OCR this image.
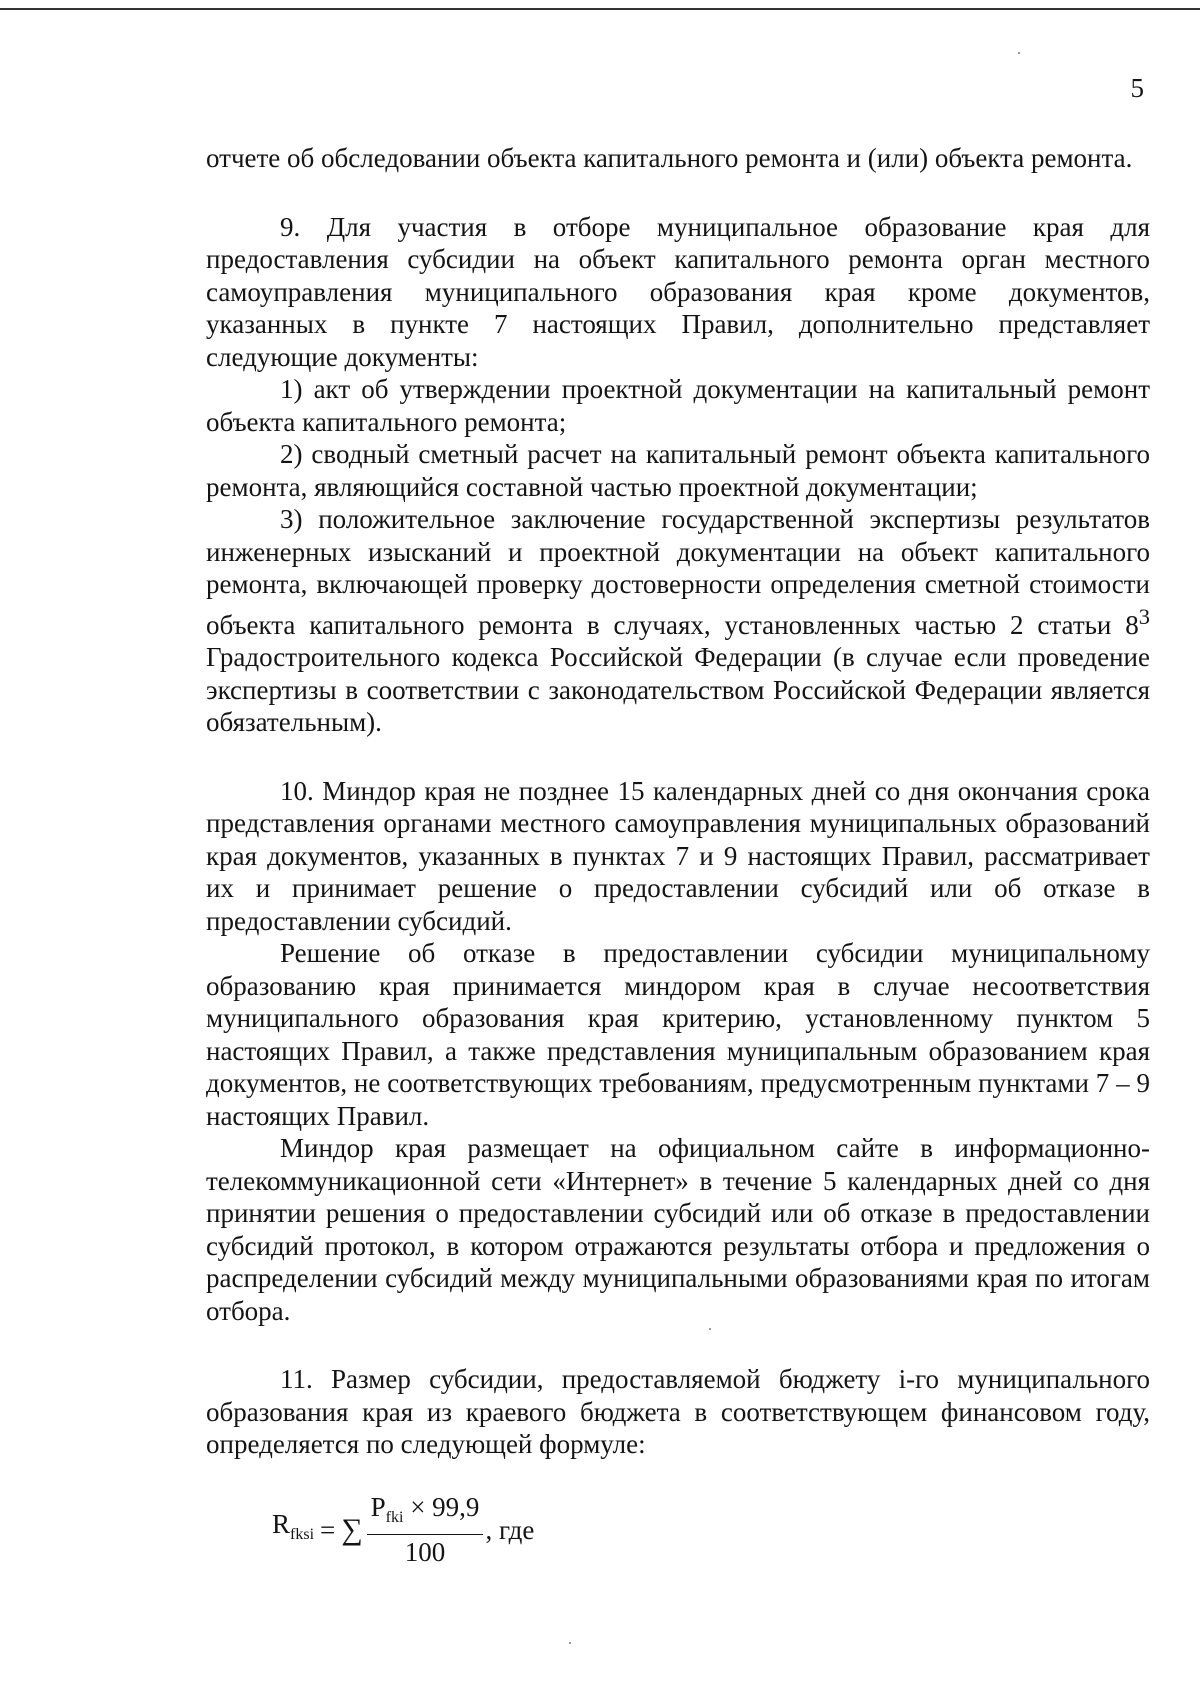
5

отчете об обследовании объекта капитального ремонта и (или) объекта ремонта.

9. Для участия в отборе муниципальное образование края для предоставления субсидии на объект капитального ремонта орган местного самоуправления муниципального образования края кроме документов, указанных в пункте 7 настоящих Правил, дополнительно представляет следующие документы:

1) акт об утверждении проектной документации на капитальный ремонт объекта капитального ремонта;

2) сводный сметный расчет на капитальный ремонт объекта капитального ремонта, являющийся составной частью проектной документации;

3) положительное заключение государственной экспертизы результатов инженерных изысканий и проектной документации на объект капитального ремонта, включающей проверку достоверности определения сметной стоимости объекта капитального ремонта в случаях, установленных частью 2 статьи $8^3$ Градостроительного кодекса Российской Федерации (в случае если проведение экспертизы в соответствии с законодательством Российской Федерации является обязательным).

10. Миндор края не позднее 15 календарных дней со дня окончания срока представления органами местного самоуправления муниципальных образований края документов, указанных в пунктах 7 и 9 настоящих Правил, рассматривает их и принимает решение о предоставлении субсидий или об отказе в предоставлении субсидий.

Решение об отказе в предоставлении субсидии муниципальному образованию края принимается миндором края в случае несоответствия муниципального образования края критерию, установленному пунктом 5 настоящих Правил, а также представления муниципальным образованием края документов, не соответствующих требованиям, предусмотренным пунктами 7 – 9 настоящих Правил.

Миндор края размещает на официальном сайте в информационно-телекоммуникационной сети «Интернет» в течение 5 календарных дней со дня принятии решения о предоставлении субсидий или об отказе в предоставлении субсидий протокол, в котором отражаются результаты отбора и предложения о распределении субсидий между муниципальными образованиями края по итогам отбора.

11. Размер субсидии, предоставляемой бюджету i-го муниципального образования края из краевого бюджета в соответствующем финансовом году, определяется по следующей формуле:

$R_{fksi}$ = ∑ $\frac{P_{fki} \times 99,9}{100}$ , где
